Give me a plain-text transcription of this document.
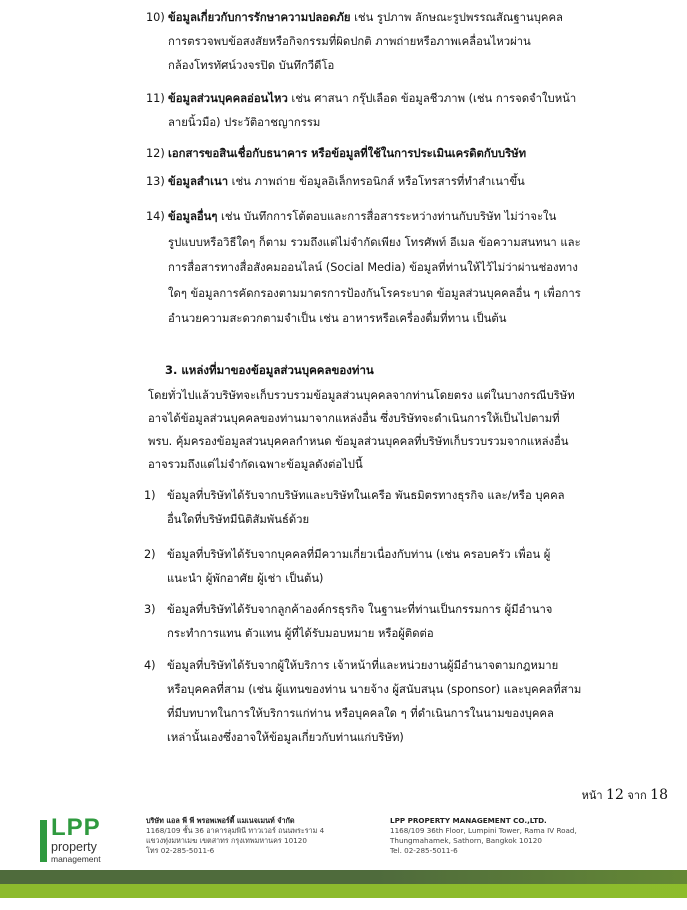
10) ข้อมูลเกี่ยวกับการรักษาความปลอดภัย เช่น รูปภาพ ลักษณะรูปพรรณสัณฐานบุคคล
การตรวจพบข้อสงสัยหรือกิจกรรมที่ผิดปกติ ภาพถ่ายหรือภาพเคลื่อนไหวผ่าน
กล้องโทรทัศน์วงจรปิด บันทึกวีดีโอ
11) ข้อมูลส่วนบุคคลอ่อนไหว เช่น ศาสนา กรุ๊ปเลือด ข้อมูลชีวภาพ (เช่น การจดจำใบหน้า
ลายนิ้วมือ) ประวัติอาชญากรรม
12) เอกสารขอสินเชื่อกับธนาคาร หรือข้อมูลที่ใช้ในการประเมินเครดิตกับบริษัท
13) ข้อมูลสำเนา เช่น ภาพถ่าย ข้อมูลอิเล็กทรอนิกส์ หรือโทรสารที่ทำสำเนาขึ้น
14) ข้อมูลอื่นๆ เช่น บันทึกการโต้ตอบและการสื่อสารระหว่างท่านกับบริษัท ไม่ว่าจะใน
รูปแบบหรือวิธีใดๆ ก็ตาม รวมถึงแต่ไม่จำกัดเพียง โทรศัพท์ อีเมล ข้อความสนทนา และ
การสื่อสารทางสื่อสังคมออนไลน์ (Social Media) ข้อมูลที่ท่านให้ไว้ไม่ว่าผ่านช่องทาง
ใดๆ ข้อมูลการคัดกรองตามมาตรการป้องกันโรคระบาด ข้อมูลส่วนบุคคลอื่น ๆ เพื่อการ
อำนวยความสะดวกตามจำเป็น เช่น อาหารหรือเครื่องดื่มที่ทาน เป็นต้น
3. แหล่งที่มาของข้อมูลส่วนบุคคลของท่าน
โดยทั่วไปแล้วบริษัทจะเก็บรวบรวมข้อมูลส่วนบุคคลจากท่านโดยตรง แต่ในบางกรณีบริษัท
อาจได้ข้อมูลส่วนบุคคลของท่านมาจากแหล่งอื่น ซึ่งบริษัทจะดำเนินการให้เป็นไปตามที่
พรบ. คุ้มครองข้อมูลส่วนบุคคลกำหนด ข้อมูลส่วนบุคคลที่บริษัทเก็บรวบรวมจากแหล่งอื่น
อาจรวมถึงแต่ไม่จำกัดเฉพาะข้อมูลดังต่อไปนี้
1) ข้อมูลที่บริษัทได้รับจากบริษัทและบริษัทในเครือ พันธมิตรทางธุรกิจ และ/หรือ บุคคล
อื่นใดที่บริษัทมีนิติสัมพันธ์ด้วย
2) ข้อมูลที่บริษัทได้รับจากบุคคลที่มีความเกี่ยวเนื่องกับท่าน (เช่น ครอบครัว เพื่อน ผู้
แนะนำ ผู้พักอาศัย ผู้เช่า เป็นต้น)
3) ข้อมูลที่บริษัทได้รับจากลูกค้าองค์กรธุรกิจ ในฐานะที่ท่านเป็นกรรมการ ผู้มีอำนาจ
กระทำการแทน ตัวแทน ผู้ที่ได้รับมอบหมาย หรือผู้ติดต่อ
4) ข้อมูลที่บริษัทได้รับจากผู้ให้บริการ เจ้าหน้าที่และหน่วยงานผู้มีอำนาจตามกฎหมาย
หรือบุคคลที่สาม (เช่น ผู้แทนของท่าน นายจ้าง ผู้สนับสนุน (sponsor) และบุคคลที่สาม
ที่มีบทบาทในการให้บริการแก่ท่าน หรือบุคคลใด ๆ ที่ดำเนินการในนามของบุคคล
เหล่านั้นเองซึ่งอาจให้ข้อมูลเกี่ยวกับท่านแก่บริษัท)
หน้า 12 จาก 18
LPP
property
management
บริษัท แอล พี พี พรอพเพอร์ตี้ แมเนจเมนท์ จำกัด
1168/109 ชั้น 36 อาคารลุมพินี ทาวเวอร์ ถนนพระราม 4
แขวงทุ่งมหาเมฆ เขตสาทร กรุงเทพมหานคร 10120
โทร 02-285-5011-6
LPP PROPERTY MANAGEMENT CO.,LTD.
1168/109 36th Floor, Lumpini Tower, Rama IV Road,
Thungmahamek, Sathorn, Bangkok 10120
Tel. 02-285-5011-6
